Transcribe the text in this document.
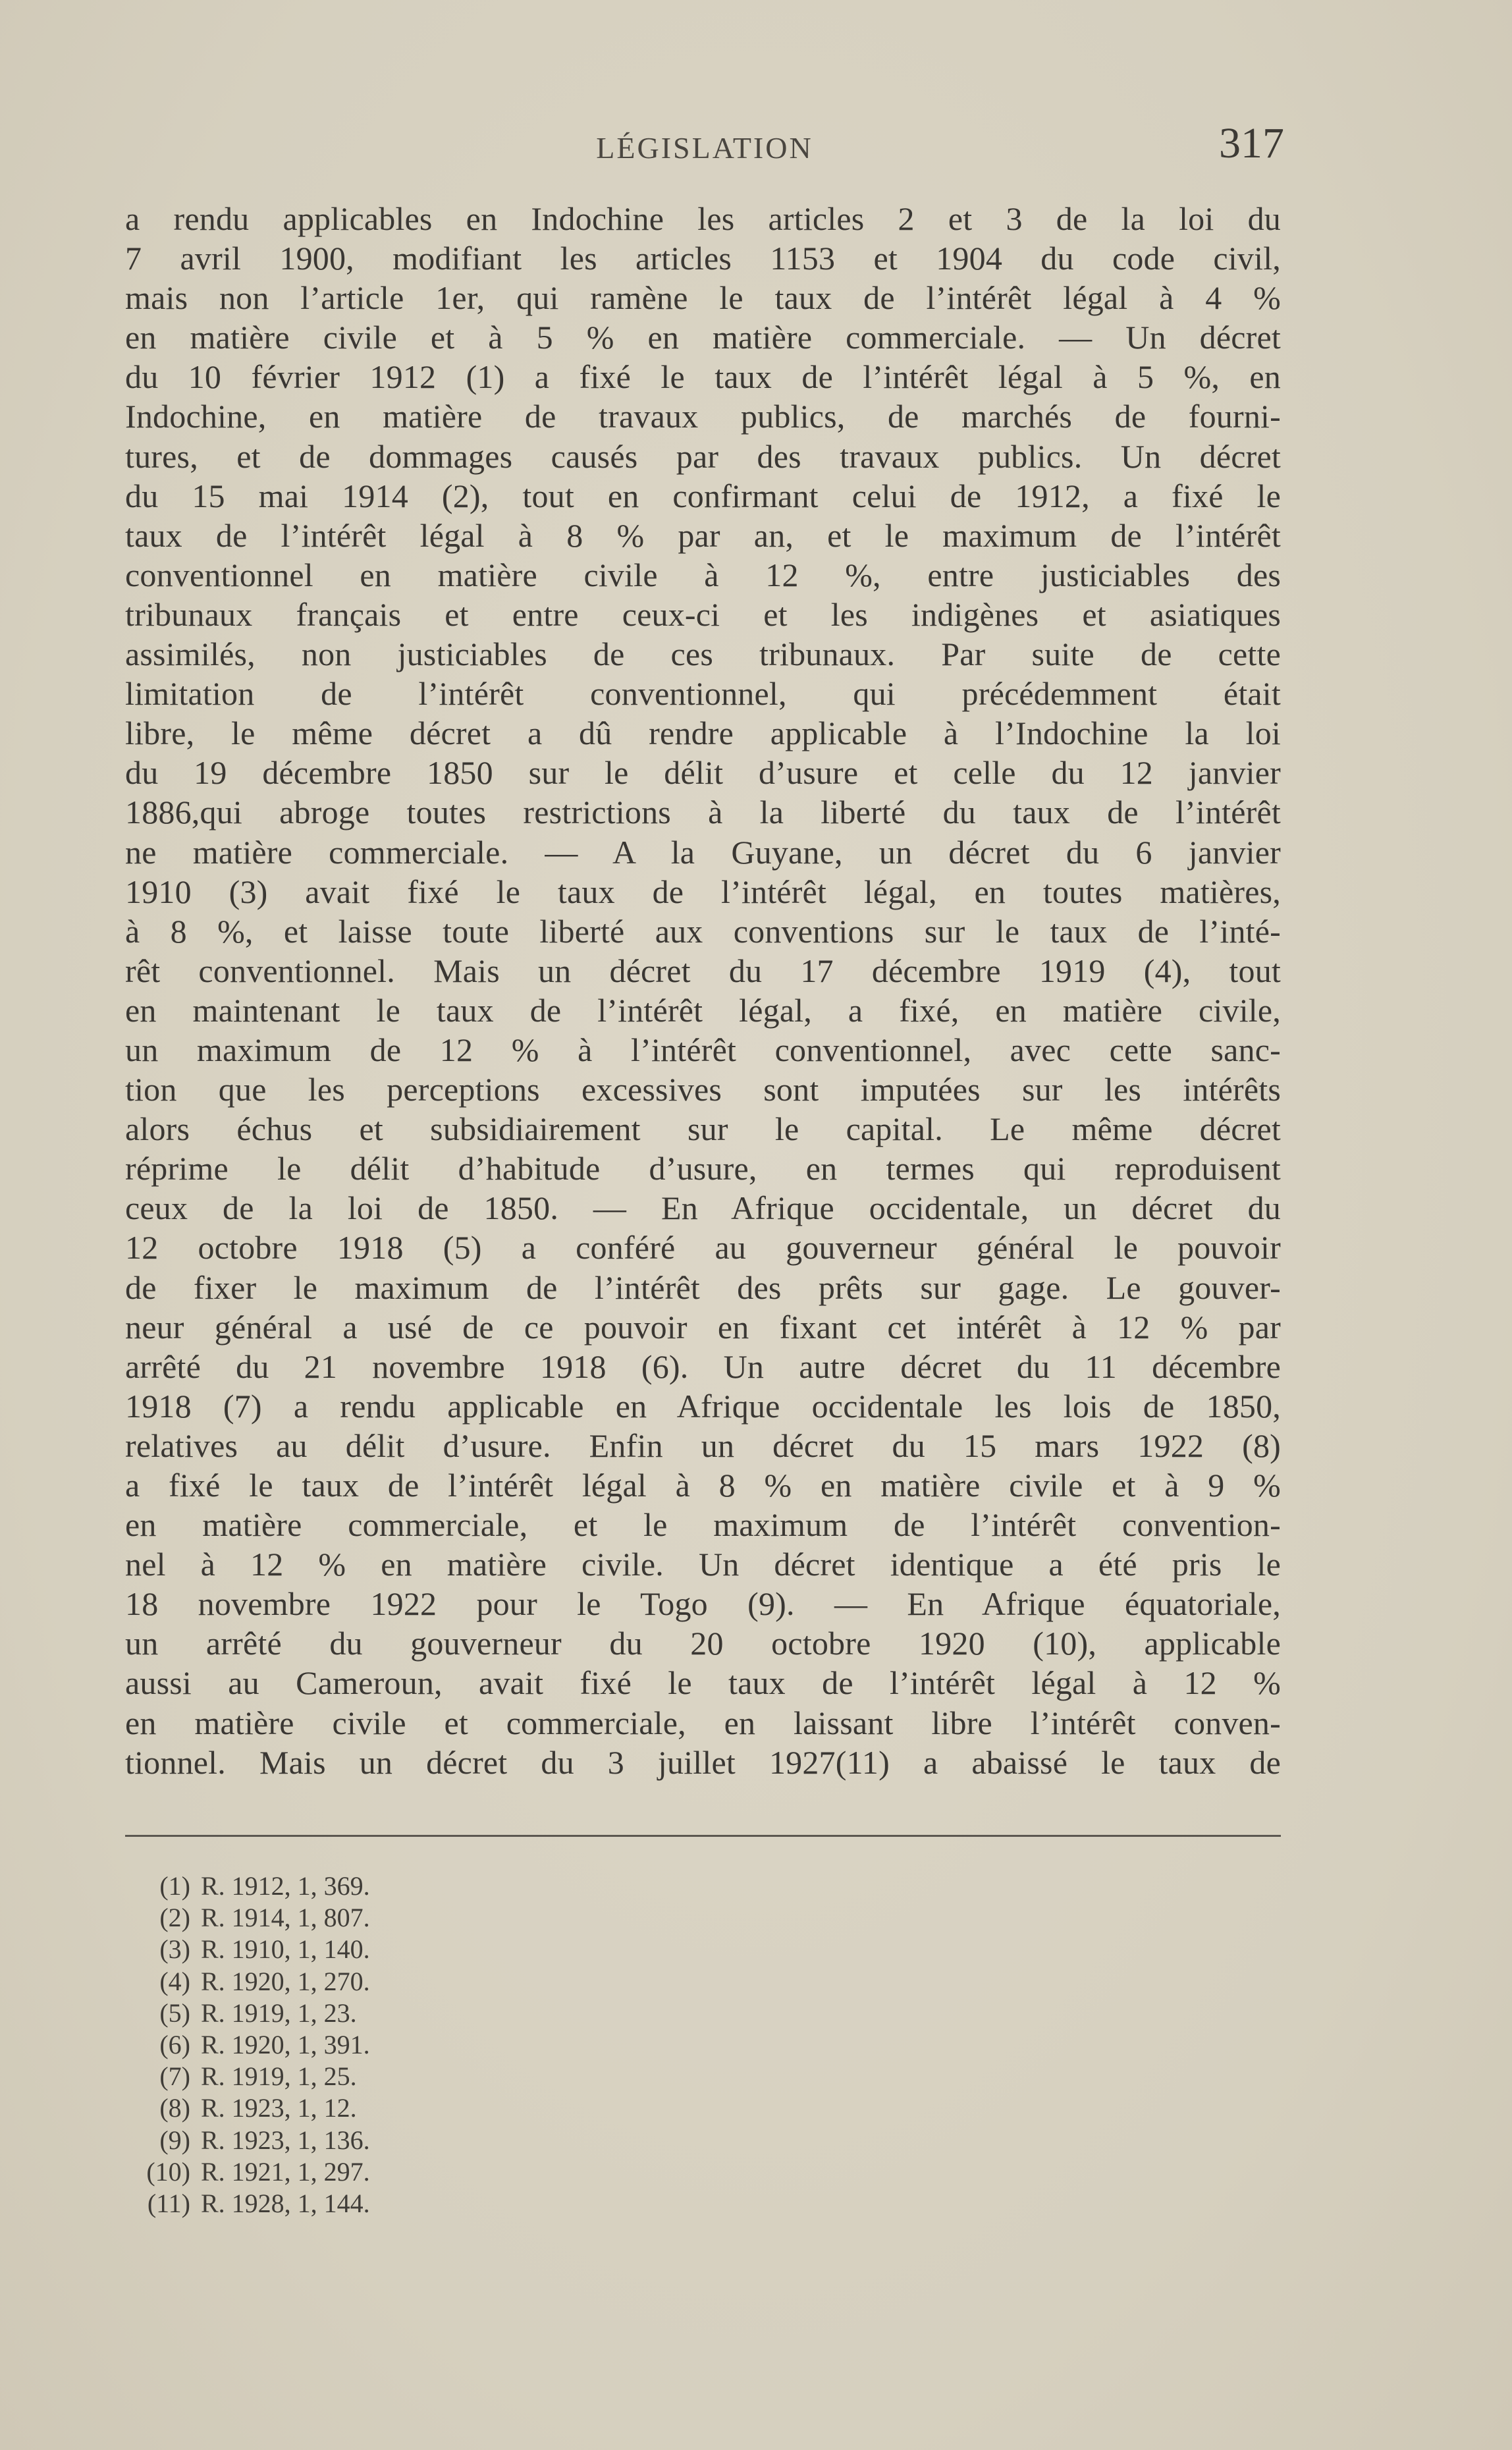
LÉGISLATION	317
a rendu applicables en Indochine les articles 2 et 3 de la loi du
7 avril 1900, modifiant les articles 1153 et 1904 du code civil,
mais non l’article 1er, qui ramène le taux de l’intérêt légal à 4 %
en matière civile et à 5 % en matière commerciale. — Un décret
du 10 février 1912 (1) a fixé le taux de l’intérêt légal à 5 %, en
Indochine, en matière de travaux publics, de marchés de fourni-
tures, et de dommages causés par des travaux publics. Un décret
du 15 mai 1914 (2), tout en confirmant celui de 1912, a fixé le
taux de l’intérêt légal à 8 % par an, et le maximum de l’intérêt
conventionnel en matière civile à 12 %, entre justiciables des
tribunaux français et entre ceux-ci et les indigènes et asiatiques
assimilés, non justiciables de ces tribunaux. Par suite de cette
limitation de l’intérêt conventionnel, qui précédemment était
libre, le même décret a dû rendre applicable à l’Indochine la loi
du 19 décembre 1850 sur le délit d’usure et celle du 12 janvier
1886,qui abroge toutes restrictions à la liberté du taux de l’intérêt
ne matière commerciale. — A la Guyane, un décret du 6 janvier
1910 (3) avait fixé le taux de l’intérêt légal, en toutes matières,
à 8 %, et laisse toute liberté aux conventions sur le taux de l’inté-
rêt conventionnel. Mais un décret du 17 décembre 1919 (4), tout
en maintenant le taux de l’intérêt légal, a fixé, en matière civile,
un maximum de 12 % à l’intérêt conventionnel, avec cette sanc-
tion que les perceptions excessives sont imputées sur les intérêts
alors échus et subsidiairement sur le capital. Le même décret
réprime le délit d’habitude d’usure, en termes qui reproduisent
ceux de la loi de 1850. — En Afrique occidentale, un décret du
12 octobre 1918 (5) a conféré au gouverneur général le pouvoir
de fixer le maximum de l’intérêt des prêts sur gage. Le gouver-
neur général a usé de ce pouvoir en fixant cet intérêt à 12 % par
arrêté du 21 novembre 1918 (6). Un autre décret du 11 décembre
1918 (7) a rendu applicable en Afrique occidentale les lois de 1850,
relatives au délit d’usure. Enfin un décret du 15 mars 1922 (8)
a fixé le taux de l’intérêt légal à 8 % en matière civile et à 9 %
en matière commerciale, et le maximum de l’intérêt convention-
nel à 12 % en matière civile. Un décret identique a été pris le
18 novembre 1922 pour le Togo (9). — En Afrique équatoriale,
un arrêté du gouverneur du 20 octobre 1920 (10), applicable
aussi au Cameroun, avait fixé le taux de l’intérêt légal à 12 %
en matière civile et commerciale, en laissant libre l’intérêt conven-
tionnel. Mais un décret du 3 juillet 1927(11) a abaissé le taux de
(1) R. 1912, 1, 369.
(2) R. 1914, 1, 807.
(3) R. 1910, 1, 140.
(4) R. 1920, 1, 270.
(5) R. 1919, 1, 23.
(6) R. 1920, 1, 391.
(7) R. 1919, 1, 25.
(8) R. 1923, 1, 12.
(9) R. 1923, 1, 136.
(10) R. 1921, 1, 297.
(11) R. 1928, 1, 144.
